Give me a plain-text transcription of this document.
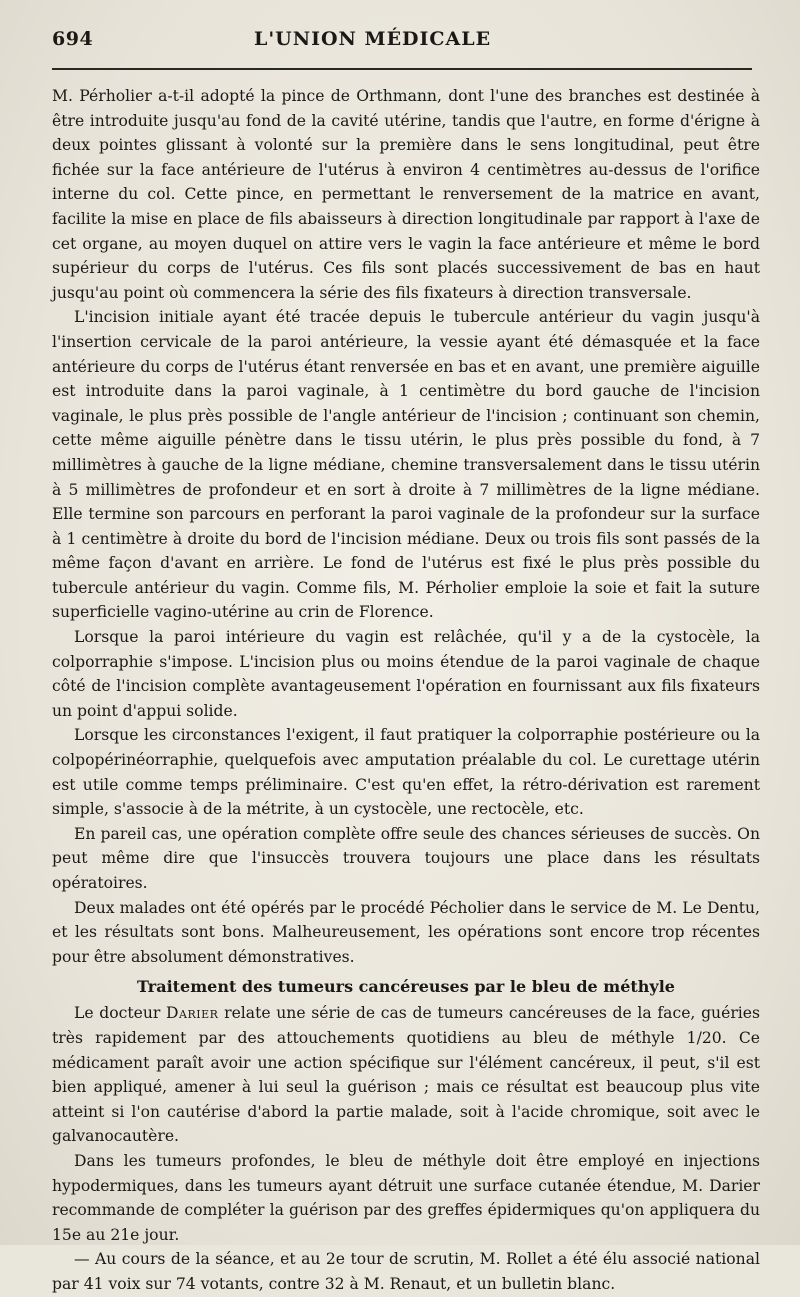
694	L'UNION MÉDICALE

M. Pérholier a-t-il adopté la pince de Orthmann, dont l'une des branches est destinée à être introduite jusqu'au fond de la cavité utérine, tandis que l'autre, en forme d'érigne à deux pointes glissant à volonté sur la première dans le sens longitudinal, peut être fichée sur la face antérieure de l'utérus à environ 4 centimètres au-dessus de l'orifice interne du col. Cette pince, en permettant le renversement de la matrice en avant, facilite la mise en place de fils abaisseurs à direction longitudinale par rapport à l'axe de cet organe, au moyen duquel on attire vers le vagin la face antérieure et même le bord supérieur du corps de l'utérus. Ces fils sont placés successivement de bas en haut jusqu'au point où commencera la série des fils fixateurs à direction transversale.

L'incision initiale ayant été tracée depuis le tubercule antérieur du vagin jusqu'à l'insertion cervicale de la paroi antérieure, la vessie ayant été démasquée et la face antérieure du corps de l'utérus étant renversée en bas et en avant, une première aiguille est introduite dans la paroi vaginale, à 1 centimètre du bord gauche de l'incision vaginale, le plus près possible de l'angle antérieur de l'incision ; continuant son chemin, cette même aiguille pénètre dans le tissu utérin, le plus près possible du fond, à 7 millimètres à gauche de la ligne médiane, chemine transversalement dans le tissu utérin à 5 millimètres de profondeur et en sort à droite à 7 millimètres de la ligne médiane. Elle termine son parcours en perforant la paroi vaginale de la profondeur sur la surface à 1 centimètre à droite du bord de l'incision médiane. Deux ou trois fils sont passés de la même façon d'avant en arrière. Le fond de l'utérus est fixé le plus près possible du tubercule antérieur du vagin. Comme fils, M. Pérholier emploie la soie et fait la suture superficielle vagino-utérine au crin de Florence.

Lorsque la paroi intérieure du vagin est relâchée, qu'il y a de la cystocèle, la colporraphie s'impose. L'incision plus ou moins étendue de la paroi vaginale de chaque côté de l'incision complète avantageusement l'opération en fournissant aux fils fixateurs un point d'appui solide.

Lorsque les circonstances l'exigent, il faut pratiquer la colporraphie postérieure ou la colpopérinéorraphie, quelquefois avec amputation préalable du col. Le curettage utérin est utile comme temps préliminaire. C'est qu'en effet, la rétro-dérivation est rarement simple, s'associe à de la métrite, à un cystocèle, une rectocèle, etc.

En pareil cas, une opération complète offre seule des chances sérieuses de succès. On peut même dire que l'insuccès trouvera toujours une place dans les résultats opératoires.

Deux malades ont été opérés par le procédé Pécholier dans le service de M. Le Dentu, et les résultats sont bons. Malheureusement, les opérations sont encore trop récentes pour être absolument démonstratives.

Traitement des tumeurs cancéreuses par le bleu de méthyle

Le docteur Darier relate une série de cas de tumeurs cancéreuses de la face, guéries très rapidement par des attouchements quotidiens au bleu de méthyle 1/20. Ce médicament paraît avoir une action spécifique sur l'élément cancéreux, il peut, s'il est bien appliqué, amener à lui seul la guérison ; mais ce résultat est beaucoup plus vite atteint si l'on cautérise d'abord la partie malade, soit à l'acide chromique, soit avec le galvanocautère.

Dans les tumeurs profondes, le bleu de méthyle doit être employé en injections hypodermiques, dans les tumeurs ayant détruit une surface cutanée étendue, M. Darier recommande de compléter la guérison par des greffes épidermiques qu'on appliquera du 15e au 21e jour.

— Au cours de la séance, et au 2e tour de scrutin, M. Rollet a été élu associé national par 41 voix sur 74 votants, contre 32 à M. Renaut, et un bulletin blanc.
